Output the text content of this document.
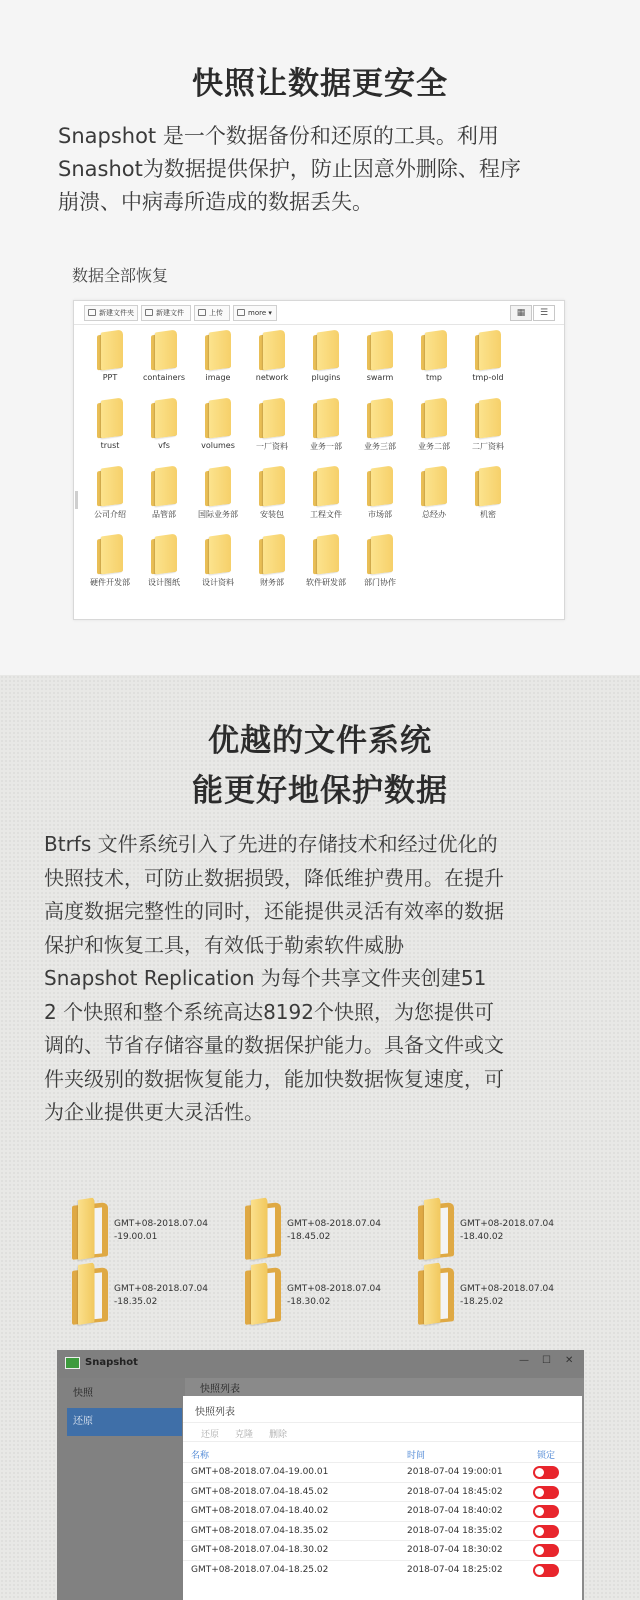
快照让数据更安全
Snapshot 是一个数据备份和还原的工具。利用
Snashot为数据提供保护，防止因意外删除、程序
崩溃、中病毒所造成的数据丢失。
数据全部恢复
新建文件夹	新建文件	上传	more ▾	▦	☰
PPT	containers	image	network	plugins	swarm	tmp	tmp-old
trust	vfs	volumes	一厂资料	业务一部	业务三部	业务二部	二厂资料
公司介绍	品管部	国际业务部	安装包	工程文件	市场部	总经办	机密
硬件开发部	设计图纸	设计资料	财务部	软件研发部	部门协作
优越的文件系统
能更好地保护数据
Btrfs 文件系统引入了先进的存储技术和经过优化的
快照技术，可防止数据损毁，降低维护费用。在提升
高度数据完整性的同时，还能提供灵活有效率的数据
保护和恢复工具，有效低于勒索软件威胁
Snapshot Replication 为每个共享文件夹创建51
2 个快照和整个系统高达8192个快照，为您提供可
调的、节省存储容量的数据保护能力。具备文件或文
件夹级别的数据恢复能力，能加快数据恢复速度，可
为企业提供更大灵活性。
GMT+08-2018.07.04
-19.00.01
GMT+08-2018.07.04
-18.45.02
GMT+08-2018.07.04
-18.40.02
GMT+08-2018.07.04
-18.35.02
GMT+08-2018.07.04
-18.30.02
GMT+08-2018.07.04
-18.25.02
Snapshot	— ☐ ✕
快照
还原
快照列表
快照列表
还原 克隆 删除
名称	时间	锁定
GMT+08-2018.07.04-19.00.01	2018-07-04 19:00:01
GMT+08-2018.07.04-18.45.02	2018-07-04 18:45:02
GMT+08-2018.07.04-18.40.02	2018-07-04 18:40:02
GMT+08-2018.07.04-18.35.02	2018-07-04 18:35:02
GMT+08-2018.07.04-18.30.02	2018-07-04 18:30:02
GMT+08-2018.07.04-18.25.02	2018-07-04 18:25:02
